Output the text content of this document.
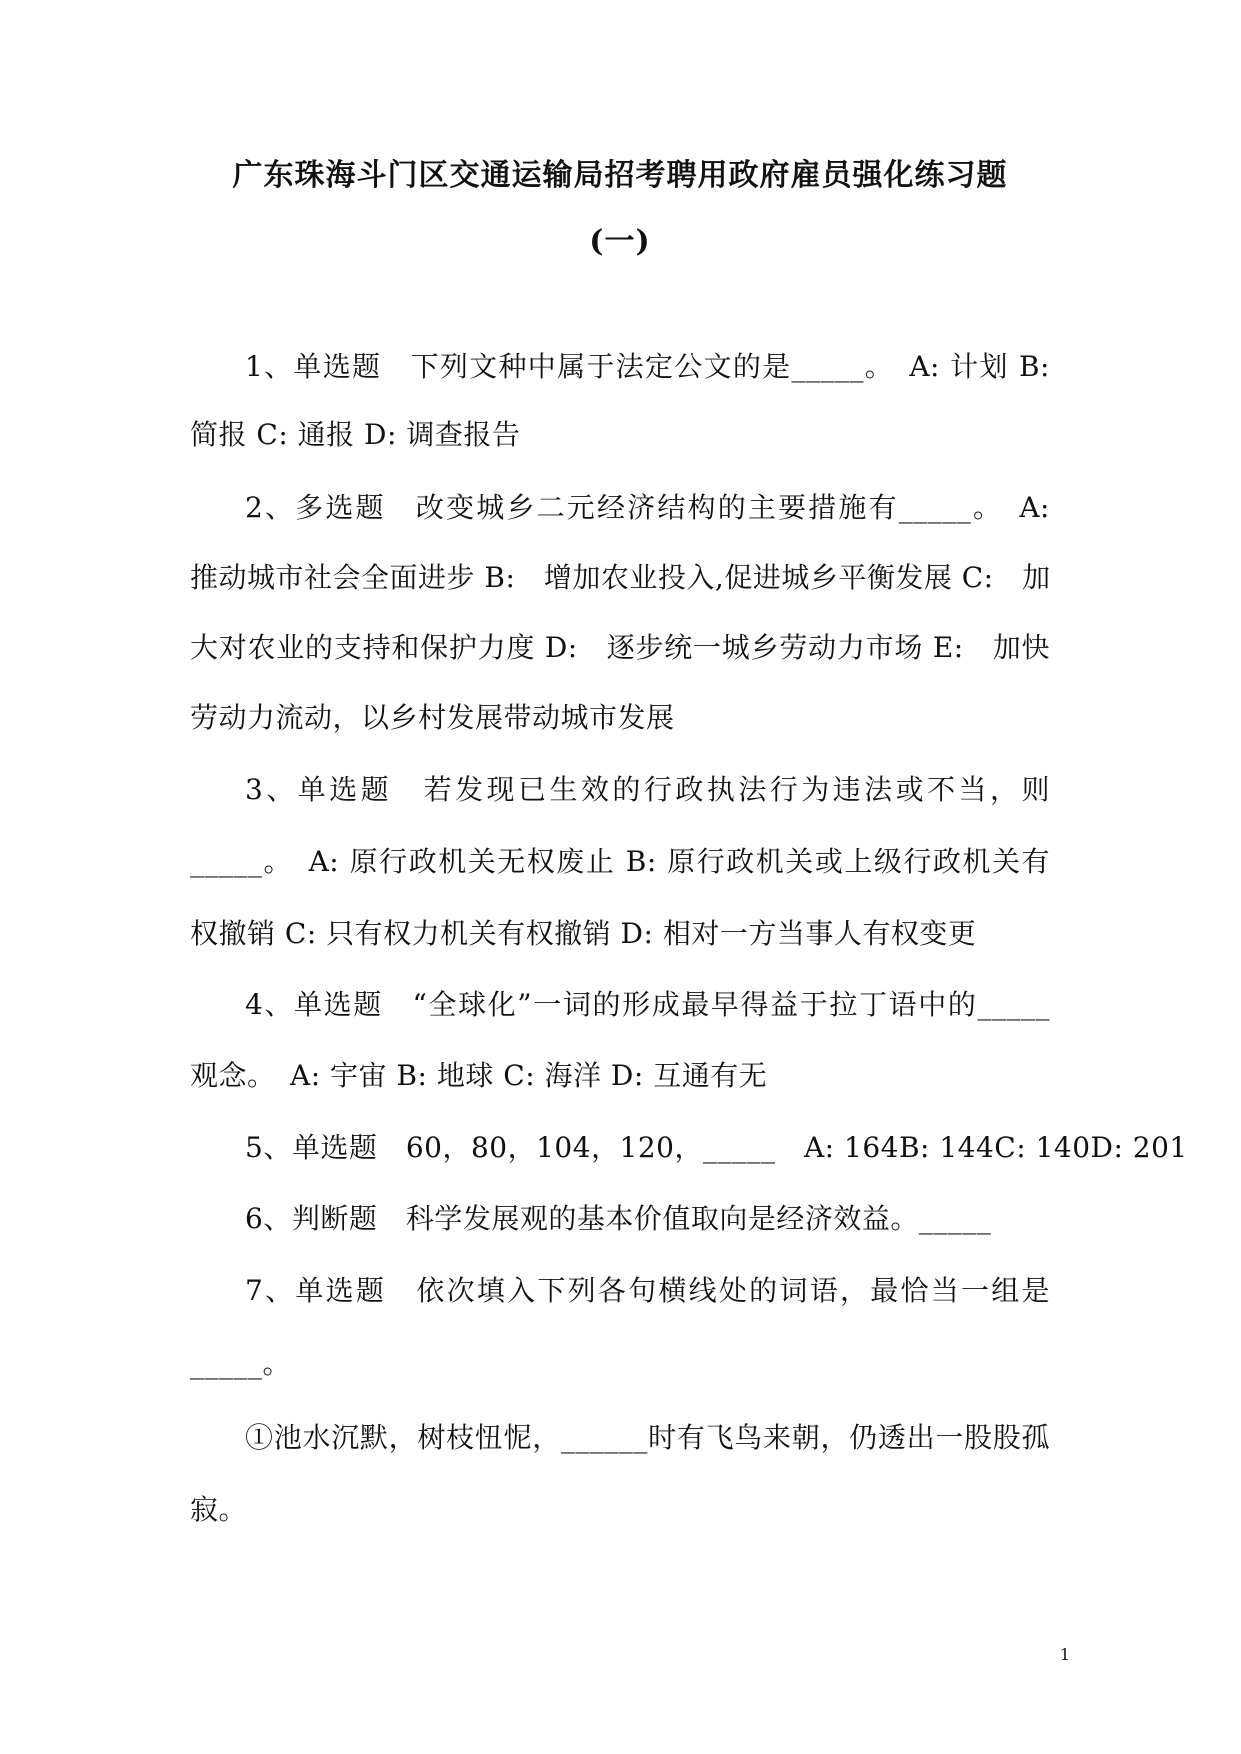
广东珠海斗门区交通运输局招考聘用政府雇员强化练习题
(一)
1、单选题　下列文种中属于法定公文的是_____。　A: 计划 B:
简报 C: 通报 D: 调查报告
2、多选题　改变城乡二元经济结构的主要措施有_____。　A:
推动城市社会全面进步 B:　增加农业投入,促进城乡平衡发展 C:　加
大对农业的支持和保护力度 D:　逐步统一城乡劳动力市场 E:　加快
劳动力流动，以乡村发展带动城市发展
3、单选题　若发现已生效的行政执法行为违法或不当，则
_____。　A: 原行政机关无权废止 B: 原行政机关或上级行政机关有
权撤销 C: 只有权力机关有权撤销 D: 相对一方当事人有权变更
4、单选题　“全球化”一词的形成最早得益于拉丁语中的_____
观念。　A: 宇宙 B: 地球 C: 海洋 D: 互通有无
5、单选题　60，80，104，120，_____　A: 164B: 144C: 140D: 201
6、判断题　科学发展观的基本价值取向是经济效益。_____
7、单选题　依次填入下列各句横线处的词语，最恰当一组是
_____。
①池水沉默，树枝忸怩，______时有飞鸟来朝，仍透出一股股孤
寂。
1
